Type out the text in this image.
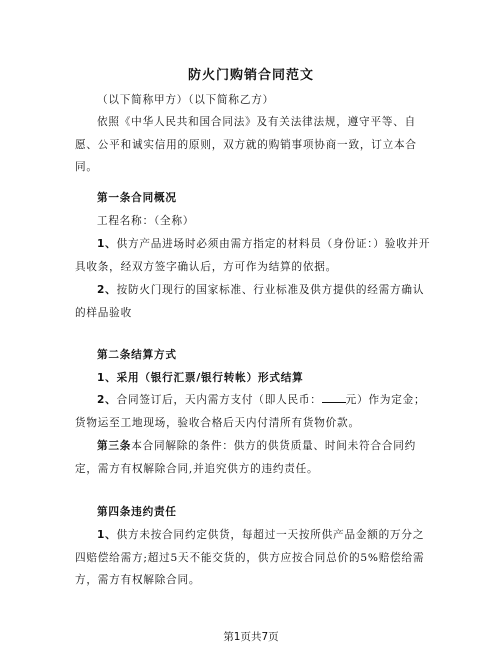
防火门购销合同范文

（以下简称甲方）（以下简称乙方）

依照《中华人民共和国合同法》及有关法律法规，遵守平等、自愿、公平和诚实信用的原则，双方就的购销事项协商一致，订立本合同。

第一条合同概况
工程名称：（全称）

1、供方产品进场时必须由需方指定的材料员（身份证：）验收并开具收条，经双方签字确认后，方可作为结算的依据。

2、按防火门现行的国家标准、行业标准及供方提供的经需方确认的样品验收

第二条结算方式
1、采用（银行汇票/银行转帐）形式结算

2、合同签订后，天内需方支付（即人民币： 元）作为定金；货物运至工地现场，验收合格后天内付清所有货物价款。

第三条本合同解除的条件：供方的供货质量、时间未符合合同约定，需方有权解除合同,并追究供方的违约责任。

第四条违约责任

1、供方未按合同约定供货，每超过一天按所供产品金额的万分之四赔偿给需方;超过5天不能交货的，供方应按合同总价的5%赔偿给需方，需方有权解除合同。

第1页共7页
